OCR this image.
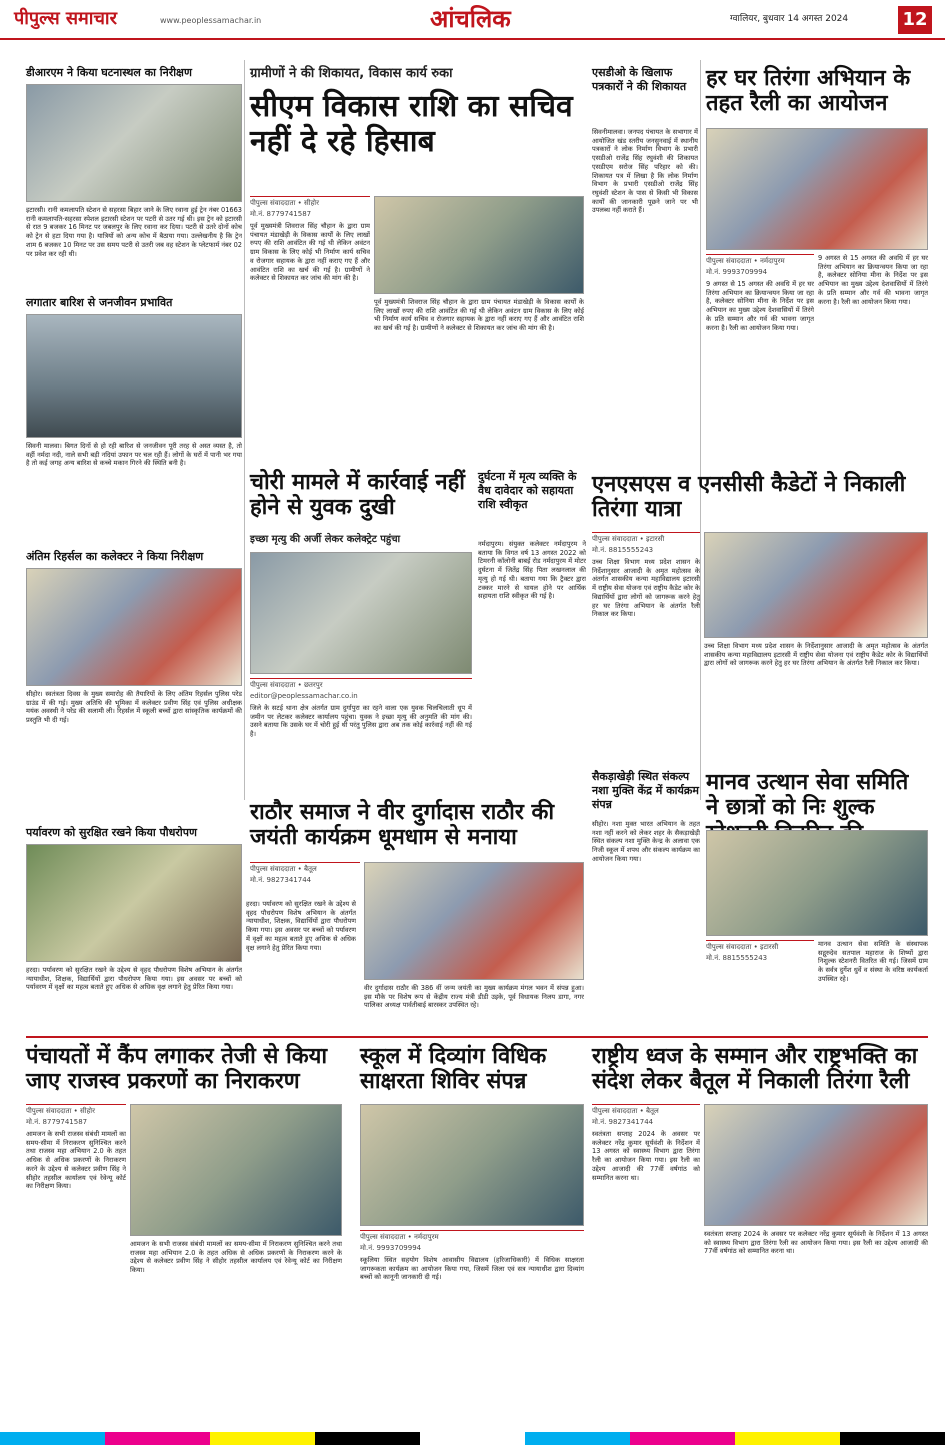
पीपुल्स समाचार	www.peoplessamachar.in	आंचलिक	ग्वालियर, बुधवार 14 अगस्त 2024	12
डीआरएम ने किया घटनास्थल का निरीक्षण
इटारसी। रानी कमलापति स्टेशन से सहरसा बिहार जाने के लिए रवाना हुई ट्रेन नंबर 01663 रानी कमलापति-सहरसा स्पेशल इटारसी स्टेशन पर पटरी से उतर गई थी। इस ट्रेन को इटारसी से रात 9 बजकर 16 मिनट पर जबलपुर के लिए रवाना कर दिया। पटरी से उतरे दोनों कोच को ट्रेन से हटा दिया गया है। यात्रियों को अन्य कोच में बैठाया गया। उल्लेखनीय है कि ट्रेन शाम 6 बजकर 10 मिनट पर उस समय पटरी से उतरी जब वह स्टेशन के प्लेटफार्म नंबर 02 पर प्रवेश कर रही थी।
लगातार बारिश से जनजीवन प्रभावित
सिवनी मालवा। बिगत दिनों से हो रही बारिश से जनजीवन पूरी तरह से अस्त व्यस्त है, तो वहीं नर्मदा नदी, नाले सभी बड़ी नदियां उफान पर चल रही हैं। लोगों के घरों में पानी भर गया है तो कई जगह अन्य बारिश से कच्चे मकान गिरने की स्थिति बनी है।
अंतिम रिहर्सल का कलेक्टर ने किया निरीक्षण
सीहोर। स्वतंत्रता दिवस के मुख्य समारोह की तैयारियों के लिए अंतिम रिहर्सल पुलिस परेड ग्राउंड में की गई। मुख्य अतिथि की भूमिका में कलेक्टर प्रवीण सिंह एवं पुलिस अधीक्षक मयंक अवस्थी ने परेड की सलामी ली। रिहर्सल में स्कूली बच्चों द्वारा सांस्कृतिक कार्यक्रमों की प्रस्तुति भी दी गई।
पर्यावरण को सुरक्षित रखने किया पौधरोपण
हरदा। पर्यावरण को सुरक्षित रखने के उद्देश्य से वृहद पौधरोपण विशेष अभियान के अंतर्गत न्यायाधीश, शिक्षक, विद्यार्थियों द्वारा पौधरोपण किया गया। इस अवसर पर बच्चों को पर्यावरण में वृक्षों का महत्व बताते हुए अधिक से अधिक वृक्ष लगाने हेतु प्रेरित किया गया।
हरदा। पर्यावरण को सुरक्षित रखने के उद्देश्य से वृहद पौधरोपण विशेष अभियान के अंतर्गत न्यायाधीश, शिक्षक, विद्यार्थियों द्वारा पौधरोपण किया गया। इस अवसर पर बच्चों को पर्यावरण में वृक्षों का महत्व बताते हुए अधिक से अधिक वृक्ष लगाने हेतु प्रेरित किया गया।
ग्रामीणों ने की शिकायत, विकास कार्य रुका
सीएम विकास राशि का सचिव नहीं दे रहे हिसाब
पीपुल्स संवाददाता • सीहोर
मो.नं. 8779741587
पूर्व मुख्यमंत्री शिवराज सिंह चौहान के द्वारा ग्राम पंचायत मंडाखेड़ी के विकास कार्यों के लिए लाखों रुपए की राशि आवंटित की गई थी लेकिन अवंटन ग्राम विकास के लिए कोई भी निर्माण कार्य सचिव व रोजगार सहायक के द्वारा नहीं कराए गए हैं और आवंटित राशि का खर्च की गई है। ग्रामीणों ने कलेक्टर से शिकायत कर जांच की मांग की है।
पूर्व मुख्यमंत्री शिवराज सिंह चौहान के द्वारा ग्राम पंचायत मंडाखेड़ी के विकास कार्यों के लिए लाखों रुपए की राशि आवंटित की गई थी लेकिन अवंटन ग्राम विकास के लिए कोई भी निर्माण कार्य सचिव व रोजगार सहायक के द्वारा नहीं कराए गए हैं और आवंटित राशि का खर्च की गई है। ग्रामीणों ने कलेक्टर से शिकायत कर जांच की मांग की है।
चोरी मामले में कार्रवाई नहीं होने से युवक दुखी
इच्छा मृत्यु की अर्जी लेकर कलेक्ट्रेट पहुंचा
पीपुल्स संवाददाता • छतरपुर
editor@peoplessamachar.co.in
जिले के सटई थाना क्षेत्र अंतर्गत ग्राम दुर्गापुरा का रहने वाला एक युवक चिलचिलाती धूप में जमीन पर लेटकर कलेक्टर कार्यालय पहुंचा। युवक ने इच्छा मृत्यु की अनुमति की मांग की। उसने बताया कि उसके घर में चोरी हुई थी परंतु पुलिस द्वारा अब तक कोई कार्रवाई नहीं की गई है।
एसडीओ के खिलाफ पत्रकारों ने की शिकायत
सिवनीमालवा। जनपद पंचायत के सभागार में आयोजित खंड स्तरीय जनसुनवाई में स्थानीय पत्रकारों ने लोक निर्माण विभाग के प्रभारी एसडीओ राजेंद्र सिंह रघुवंशी की शिकायत एसडीएम सरोज सिंह परिहार को की। शिकायत पत्र में लिखा है कि लोक निर्माण विभाग के प्रभारी एसडीओ राजेंद्र सिंह रघुवंशी स्टेशन के पास से किसी भी विकास कार्यों की जानकारी पूछने जाने पर भी उपलब्ध नहीं कराते हैं।
दुर्घटना में मृत्य व्यक्ति के वैध दावेदार को सहायता राशि स्वीकृत
नर्मदापुरम। संयुक्त कलेक्टर नर्मदापुरम ने बताया कि विगत वर्ष 13 अगस्त 2022 को टिमरनी कॉलोनी बाबई रोड नर्मदापुरम में मोटर दुर्घटना में जितेंद्र सिंह पिता लखनलाल की मृत्यु हो गई थी। बताया गया कि ट्रैक्टर द्वारा टक्कर मारने से घायल होने पर आर्थिक सहायता राशि स्वीकृत की गई है।
हर घर तिरंगा अभियान के तहत रैली का आयोजन
पीपुल्स संवाददाता • नर्मदापुरम
मो.नं. 9993709994
9 अगस्त से 15 अगस्त की अवधि में हर घर तिरंगा अभियान का क्रियान्वयन किया जा रहा है, कलेक्टर सोनिया मीना के निर्देश पर इस अभियान का मुख्य उद्देश्य देशवासियों में तिरंगे के प्रति सम्मान और गर्व की भावना जागृत करना है। रैली का आयोजन किया गया।
9 अगस्त से 15 अगस्त की अवधि में हर घर तिरंगा अभियान का क्रियान्वयन किया जा रहा है, कलेक्टर सोनिया मीना के निर्देश पर इस अभियान का मुख्य उद्देश्य देशवासियों में तिरंगे के प्रति सम्मान और गर्व की भावना जागृत करना है। रैली का आयोजन किया गया।
एनएसएस व एनसीसी कैडेटों ने निकाली तिरंगा यात्रा
पीपुल्स संवाददाता • इटारसी
मो.नं. 8815555243
उच्च शिक्षा विभाग मध्य प्रदेश शासन के निर्देशानुसार आजादी के अमृत महोत्सव के अंतर्गत शासकीय कन्या महाविद्यालय इटारसी में राष्ट्रीय सेवा योजना एवं राष्ट्रीय कैडेट कोर के विद्यार्थियों द्वारा लोगों को जागरूक करने हेतु हर घर तिरंगा अभियान के अंतर्गत रैली निकाल कर किया।
उच्च शिक्षा विभाग मध्य प्रदेश शासन के निर्देशानुसार आजादी के अमृत महोत्सव के अंतर्गत शासकीय कन्या महाविद्यालय इटारसी में राष्ट्रीय सेवा योजना एवं राष्ट्रीय कैडेट कोर के विद्यार्थियों द्वारा लोगों को जागरूक करने हेतु हर घर तिरंगा अभियान के अंतर्गत रैली निकाल कर किया।
राठौर समाज ने वीर दुर्गादास राठौर की जयंती कार्यक्रम धूमधाम से मनाया
पीपुल्स संवाददाता • बैतूल
मो.नं. 9827341744
वीर दुर्गादास राठौर की 386 वीं जन्म जयंती का मुख्य कार्यक्रम मंगल भवन में संपन्न हुआ। इस मौके पर विशेष रूप से केंद्रीय राज्य मंत्री डीडी उइके, पूर्व विधायक निलय डागा, नगर पालिका अध्यक्ष पार्वतीबाई बारस्कर उपस्थित रहे।
सैकड़ाखेड़ी स्थित संकल्प नशा मुक्ति केंद्र में कार्यक्रम संपन्न
सीहोर। नशा मुक्त भारत अभियान के तहत नशा नहीं करने को लेकर शहर के सैकड़ाखेड़ी स्थित संकल्प नशा मुक्ति केन्द्र के अलावा एक निजी स्कूल में शपथ और संकल्प कार्यक्रम का आयोजन किया गया।
मानव उत्थान सेवा समिति ने छात्रों को निः शुल्क
पीपुल्स संवाददाता • इटारसी
मो.नं. 8815555243
मानव उत्थान सेवा समिति के संस्थापक सद्गुरुदेव सतपाल महाराज के शिष्यों द्वारा निशुल्क स्टेशनरी वितरित की गई। जिसमें ग्राम के सर्वत्र दुर्गेश धुर्वे व संस्था के वरिष्ठ कार्यकर्ता उपस्थित रहे।
पंचायतों में कैंप लगाकर तेजी से किया जाए राजस्व प्रकरणों का निराकरण
पीपुल्स संवाददाता • सीहोर
मो.नं. 8779741587
आमजन के सभी राजस्व संबंधी मामलों का समय-सीमा में निराकरण सुनिश्चित करने तथा राजस्व महा अभियान 2.0 के तहत अधिक से अधिक प्रकरणों के निराकरण करने के उद्देश्य से कलेक्टर प्रवीण सिंह ने सीहोर तहसील कार्यालय एवं रेवेन्यू कोर्ट का निरीक्षण किया।
आमजन के सभी राजस्व संबंधी मामलों का समय-सीमा में निराकरण सुनिश्चित करने तथा राजस्व महा अभियान 2.0 के तहत अधिक से अधिक प्रकरणों के निराकरण करने के उद्देश्य से कलेक्टर प्रवीण सिंह ने सीहोर तहसील कार्यालय एवं रेवेन्यू कोर्ट का निरीक्षण किया।
स्कूल में दिव्यांग विधिक साक्षरता शिविर संपन्न
पीपुल्स संवाददाता • नर्मदापुरम
मो.नं. 9993709994
स्कूलिया स्थित सहयोग विशेष आवासीय विद्यालय (हरिजाधिकारी) में विधिक साक्षरता जागरूकता कार्यक्रम का आयोजन किया गया, जिसमें जिला एवं सत्र न्यायाधीश द्वारा दिव्यांग बच्चों को कानूनी जानकारी दी गई।
राष्ट्रीय ध्वज के सम्मान और राष्ट्रभक्ति का संदेश लेकर बैतूल में निकाली तिरंगा रैली
पीपुल्स संवाददाता • बैतूल
मो.नं. 9827341744
स्वतंत्रता सप्ताह 2024 के अवसर पर कलेक्टर नरेंद्र कुमार सूर्यवंशी के निर्देशन में 13 अगस्त को स्वास्थ्य विभाग द्वारा तिरंगा रैली का आयोजन किया गया। इस रैली का उद्देश्य आजादी की 77वीं वर्षगांठ को सम्मानित करना था।
स्वतंत्रता सप्ताह 2024 के अवसर पर कलेक्टर नरेंद्र कुमार सूर्यवंशी के निर्देशन में 13 अगस्त को स्वास्थ्य विभाग द्वारा तिरंगा रैली का आयोजन किया गया। इस रैली का उद्देश्य आजादी की 77वीं वर्षगांठ को सम्मानित करना था।
